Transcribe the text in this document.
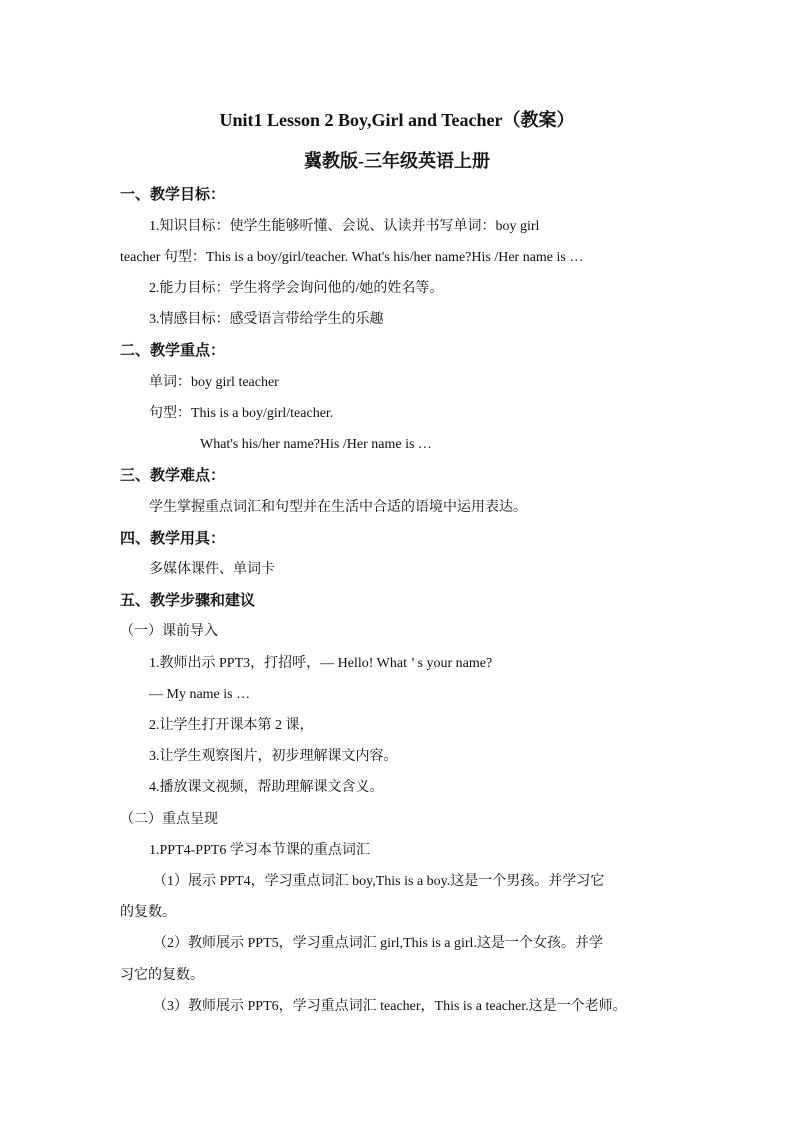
Unit1 Lesson 2 Boy,Girl and Teacher（教案）
冀教版-三年级英语上册
一、教学目标：
1.知识目标：使学生能够听懂、会说、认读并书写单词：boy girl
teacher 句型：This is a boy/girl/teacher. What's his/her name?His /Her name is …
2.能力目标：学生将学会询问他的/她的姓名等。
3.情感目标：感受语言带给学生的乐趣
二、教学重点：
单词：boy girl teacher
句型：This is a boy/girl/teacher.
What's his/her name?His /Her name is …
三、教学难点：
学生掌握重点词汇和句型并在生活中合适的语境中运用表达。
四、教学用具：
多媒体课件、单词卡
五、教学步骤和建议
（一）课前导入
1.教师出示 PPT3，打招呼，— Hello! What ’ s your name?
— My name is …
2.让学生打开课本第 2 课，
3.让学生观察图片，初步理解课文内容。
4.播放课文视频，帮助理解课文含义。
（二）重点呈现
1.PPT4-PPT6 学习本节课的重点词汇
（1）展示 PPT4，学习重点词汇 boy,This is a boy.这是一个男孩。并学习它
的复数。
（2）教师展示 PPT5，学习重点词汇 girl,This is a girl.这是一个女孩。并学
习它的复数。
（3）教师展示 PPT6，学习重点词汇 teacher，This is a teacher.这是一个老师。
